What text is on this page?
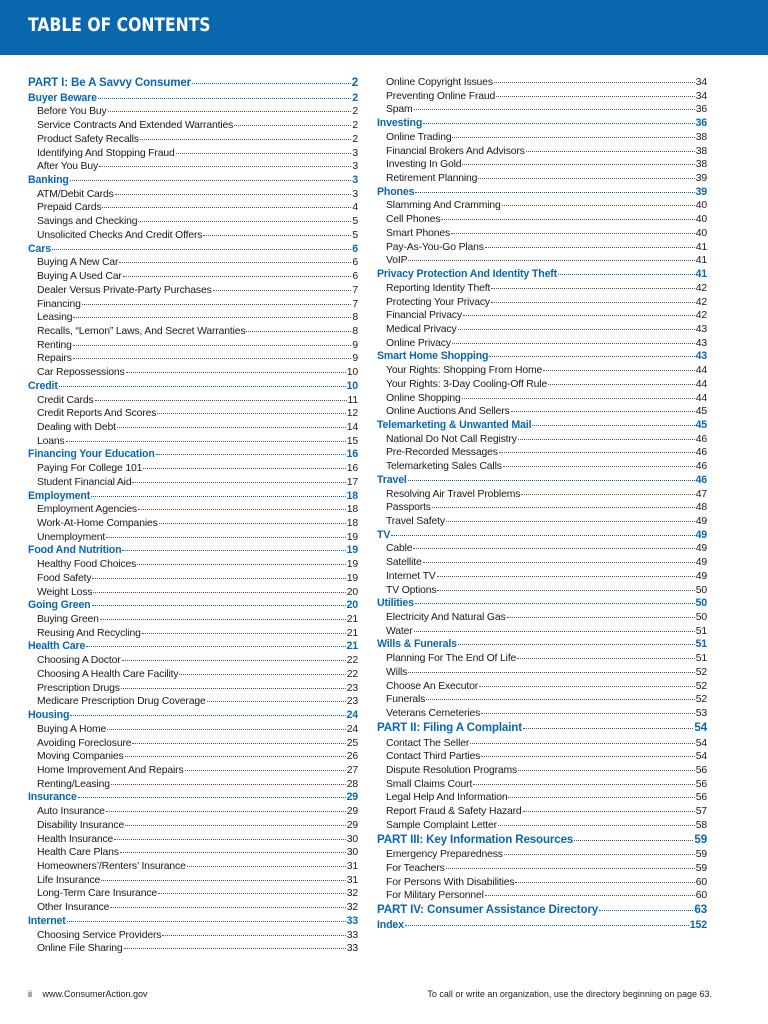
TABLE OF CONTENTS
PART I: Be A Savvy Consumer	2
Buyer Beware	2
Before You Buy	2
Service Contracts And Extended Warranties	2
Product Safety Recalls	2
Identifying And Stopping Fraud	3
After You Buy	3
Banking	3
ATM/Debit Cards	3
Prepaid Cards	4
Savings and Checking	5
Unsolicited Checks And Credit Offers	5
Cars	6
Buying A New Car	6
Buying A Used Car	6
Dealer Versus Private-Party Purchases	7
Financing	7
Leasing	8
Recalls, “Lemon” Laws, And Secret Warranties	8
Renting	9
Repairs	9
Car Repossessions	10
Credit	10
Credit Cards	11
Credit Reports And Scores	12
Dealing with Debt	14
Loans	15
Financing Your Education	16
Paying For College 101	16
Student Financial Aid	17
Employment	18
Employment Agencies	18
Work-At-Home Companies	18
Unemployment	19
Food And Nutrition	19
Healthy Food Choices	19
Food Safety	19
Weight Loss	20
Going Green	20
Buying Green	21
Reusing And Recycling	21
Health Care	21
Choosing A Doctor	22
Choosing A Health Care Facility	22
Prescription Drugs	23
Medicare Prescription Drug Coverage	23
Housing	24
Buying A Home	24
Avoiding Foreclosure	25
Moving Companies	26
Home Improvement And Repairs	27
Renting/Leasing	28
Insurance	29
Auto Insurance	29
Disability Insurance	29
Health Insurance	30
Health Care Plans	30
Homeowners’/Renters’ Insurance	31
Life Insurance	31
Long-Term Care Insurance	32
Other Insurance	32
Internet	33
Choosing Service Providers	33
Online File Sharing	33
Online Copyright Issues	34
Preventing Online Fraud	34
Spam	36
Investing	36
Online Trading	38
Financial Brokers And Advisors	38
Investing In Gold	38
Retirement Planning	39
Phones	39
Slamming And Cramming	40
Cell Phones	40
Smart Phones	40
Pay-As-You-Go Plans	41
VoIP	41
Privacy Protection And Identity Theft	41
Reporting Identity Theft	42
Protecting Your Privacy	42
Financial Privacy	42
Medical Privacy	43
Online Privacy	43
Smart Home Shopping	43
Your Rights: Shopping From Home	44
Your Rights: 3-Day Cooling-Off Rule	44
Online Shopping	44
Online Auctions And Sellers	45
Telemarketing & Unwanted Mail	45
National Do Not Call Registry	46
Pre-Recorded Messages	46
Telemarketing Sales Calls	46
Travel	46
Resolving Air Travel Problems	47
Passports	48
Travel Safety	49
TV	49
Cable	49
Satellite	49
Internet TV	49
TV Options	50
Utilities	50
Electricity And Natural Gas	50
Water	51
Wills & Funerals	51
Planning For The End Of Life	51
Wills	52
Choose An Executor	52
Funerals	52
Veterans Cemeteries	53
PART II: Filing A Complaint	54
Contact The Seller	54
Contact Third Parties	54
Dispute Resolution Programs	56
Small Claims Court	56
Legal Help And Information	56
Report Fraud & Safety Hazard	57
Sample Complaint Letter	58
PART III: Key Information Resources	59
Emergency Preparedness	59
For Teachers	59
For Persons With Disabilities	60
For Military Personnel	60
PART IV: Consumer Assistance Directory	63
Index	152
ii www.ConsumerAction.gov	To call or write an organization, use the directory beginning on page 63.
